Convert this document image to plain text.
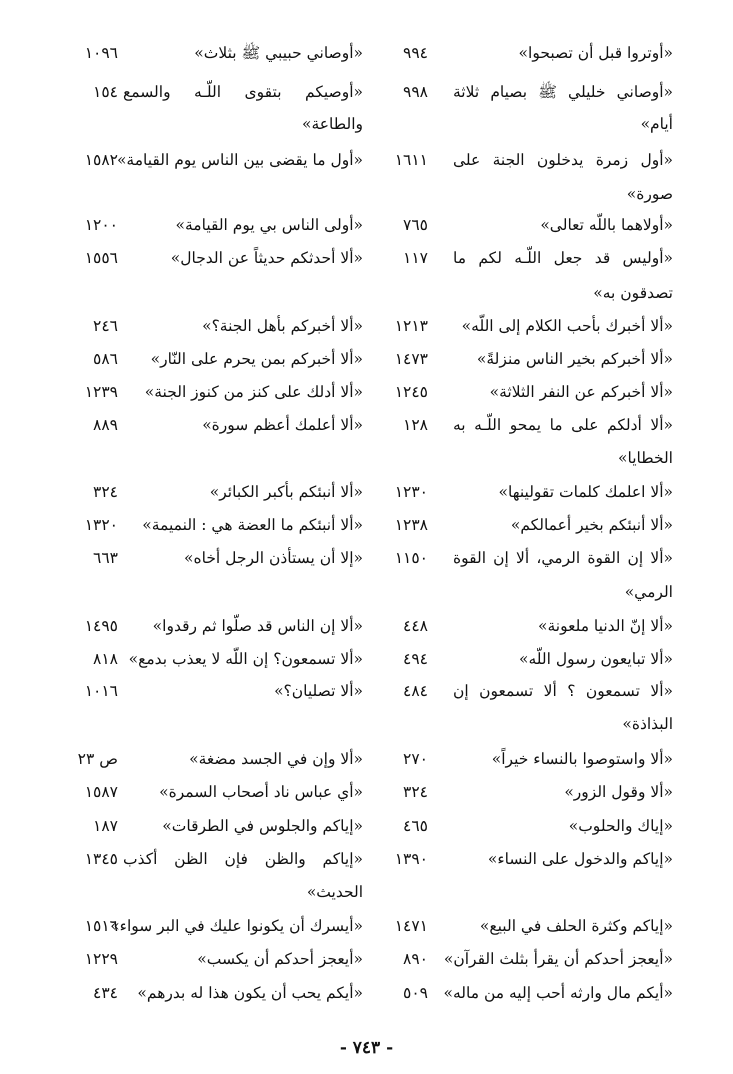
«أوتروا قبل أن تصبحوا»
٩٩٤
«أوصاني حبيبي ﷺ بثلاث»
١٠٩٦
«أوصاني خليلي ﷺ بصيام ثلاثة
٩٩٨
«أوصيكم بتقوى اللّـه والسمع
١٥٤
أيام»
والطاعة»
«أول زمرة يدخلون الجنة على
١٦١١
«أول ما يقضى بين الناس يوم القيامة»
١٥٨٢
صورة»
«أولاهما باللّه تعالى»
٧٦٥
«أولى الناس بي يوم القيامة»
١٢٠٠
«أوليس قد جعل اللّـه لكم ما
١١٧
«ألا أحدثكم حديثاً عن الدجال»
١٥٥٦
تصدقون به»
«ألا أخبرك بأحب الكلام إلى اللّه»
١٢١٣
«ألا أخبركم بأهل الجنة؟»
٢٤٦
«ألا أخبركم بخير الناس منزلةً»
١٤٧٣
«ألا أخبركم بمن يحرم على النّار»
٥٨٦
«ألا أخبركم عن النفر الثلاثة»
١٢٤٥
«ألا أدلك على كنز من كنوز الجنة»
١٢٣٩
«ألا أدلكم على ما يمحو اللّـه به
١٢٨
«ألا أعلمك أعظم سورة»
٨٨٩
الخطايا»
«ألا اعلمك كلمات تقولينها»
١٢٣٠
«ألا أنبئكم بأكبر الكبائر»
٣٢٤
«ألا أنبئكم بخير أعمالكم»
١٢٣٨
«ألا أنبئكم ما العضة هي : النميمة»
١٣٢٠
«ألا إن القوة الرمي، ألا إن القوة
١١٥٠
«إلا أن يستأذن الرجل أخاه»
٦٦٣
الرمي»
«ألا إنّ الدنيا ملعونة»
٤٤٨
«ألا إن الناس قد صلّوا ثم رقدوا»
١٤٩٥
«ألا تبايعون رسول اللّه»
٤٩٤
«ألا تسمعون؟ إن اللّه لا يعذب بدمع»
٨١٨
«ألا تسمعون ؟ ألا تسمعون إن
٤٨٤
«ألا تصليان؟»
١٠١٦
البذاذة»
«ألا واستوصوا بالنساء خيراً»
٢٧٠
«ألا وإن في الجسد مضغة»
ص ٢٣
«ألا وقول الزور»
٣٢٤
«أي عباس ناد أصحاب السمرة»
١٥٨٧
«إياك والحلوب»
٤٦٥
«إياكم والجلوس في الطرقات»
١٨٧
«إياكم والدخول على النساء»
١٣٩٠
«إياكم والظن فإن الظن أكذب
١٣٤٥
الحديث»
«إياكم وكثرة الحلف في البيع»
١٤٧١
«أيسرك أن يكونوا عليك في البر سواء»
١٥١٦
«أيعجز أحدكم أن يقرأ بثلث القرآن»
٨٩٠
«أيعجز أحدكم أن يكسب»
١٢٢٩
«أيكم مال وارثه أحب إليه من ماله»
٥٠٩
«أيكم يحب أن يكون هذا له بدرهم»
٤٣٤
- ٧٤٣ -
